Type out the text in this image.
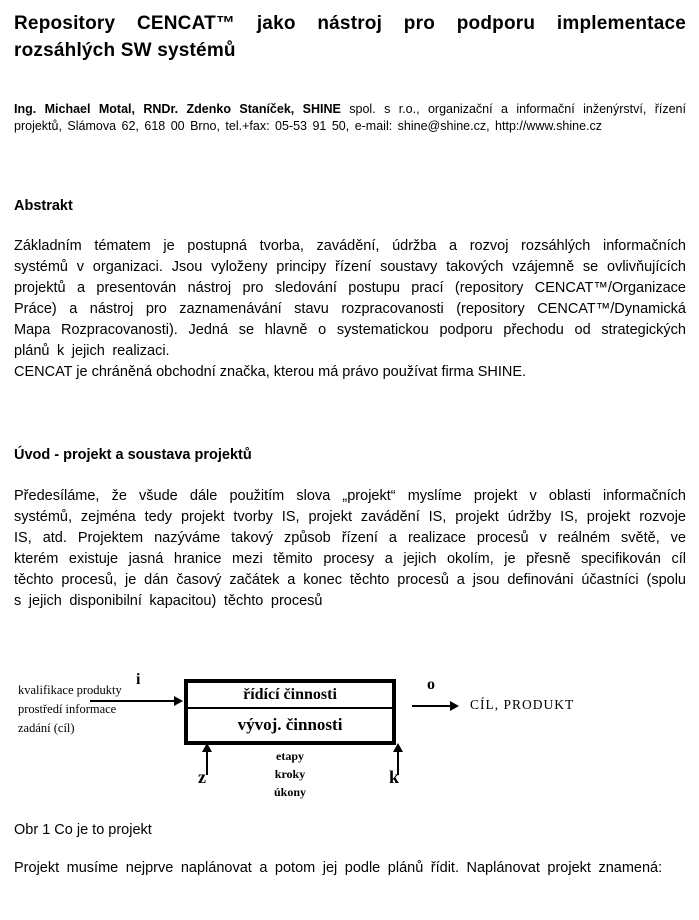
Repository CENCAT™ jako nástroj pro podporu implementace
rozsáhlých SW systémů
Ing. Michael Motal, RNDr. Zdenko Staníček, SHINE spol. s r.o., organizační a informační inženýrství, řízení projektů, Slámova 62, 618 00 Brno, tel.+fax: 05-53 91 50, e-mail: shine@shine.cz, http://www.shine.cz
Abstrakt

Základním tématem je postupná tvorba, zavádění, údržba a rozvoj rozsáhlých informačních systémů v organizaci. Jsou vyloženy principy řízení soustavy takových vzájemně se ovlivňujících projektů a presentován nástroj pro sledování postupu prací (repository CENCAT™/Organizace Práce) a nástroj pro zaznamenávání stavu rozpracovanosti (repository CENCAT™/Dynamická Mapa Rozpracovanosti). Jedná se hlavně o systematickou podporu přechodu od strategických plánů k jejich realizaci.

CENCAT je chráněná obchodní značka, kterou má právo používat firma SHINE.

Úvod - projekt a soustava projektů

Předesíláme, že všude dále použitím slova „projekt“ myslíme projekt v oblasti informačních systémů, zejména tedy projekt tvorby IS, projekt zavádění IS, projekt údržby IS, projekt rozvoje IS, atd. Projektem nazýváme takový způsob řízení a realizace procesů v reálném světě, ve kterém existuje jasná hranice mezi těmito procesy a jejich okolím, je přesně specifikován cíl těchto procesů, je dán časový začátek a konec těchto procesů a jsou definováni účastníci (spolu s jejich disponibilní kapacitou) těchto procesů

kvalifikace produkty
prostředí informace
zadání (cíl)
i
řídící činnosti
vývoj. činnosti
o
CÍL, PRODUKT
etapy
kroky
úkony
z	k
Obr 1 Co je to projekt

Projekt musíme nejprve naplánovat a potom jej podle plánů řídit. Naplánovat projekt znamená:
